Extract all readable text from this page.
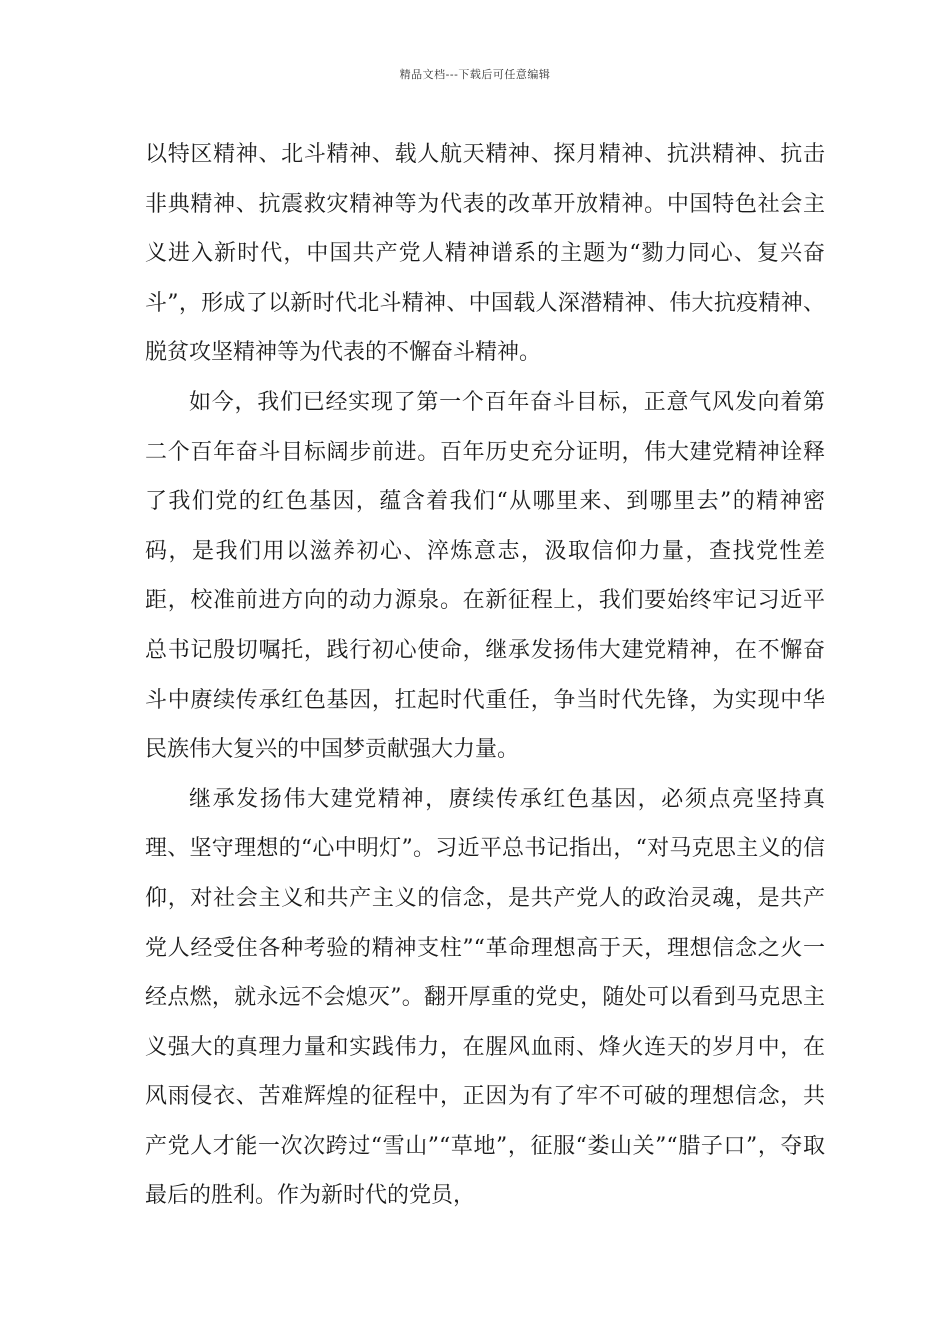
精品文档---下载后可任意编辑

以特区精神、北斗精神、载人航天精神、探月精神、抗洪精神、抗击非典精神、抗震救灾精神等为代表的改革开放精神。中国特色社会主义进入新时代，中国共产党人精神谱系的主题为“勠力同心、复兴奋斗”，形成了以新时代北斗精神、中国载人深潜精神、伟大抗疫精神、脱贫攻坚精神等为代表的不懈奋斗精神。

如今，我们已经实现了第一个百年奋斗目标，正意气风发向着第二个百年奋斗目标阔步前进。百年历史充分证明，伟大建党精神诠释了我们党的红色基因，蕴含着我们“从哪里来、到哪里去”的精神密码，是我们用以滋养初心、淬炼意志，汲取信仰力量，查找党性差距，校准前进方向的动力源泉。在新征程上，我们要始终牢记习近平总书记殷切嘱托，践行初心使命，继承发扬伟大建党精神，在不懈奋斗中赓续传承红色基因，扛起时代重任，争当时代先锋，为实现中华民族伟大复兴的中国梦贡献强大力量。

继承发扬伟大建党精神，赓续传承红色基因，必须点亮坚持真理、坚守理想的“心中明灯”。习近平总书记指出，“对马克思主义的信仰，对社会主义和共产主义的信念，是共产党人的政治灵魂，是共产党人经受住各种考验的精神支柱”“革命理想高于天，理想信念之火一经点燃，就永远不会熄灭”。翻开厚重的党史，随处可以看到马克思主义强大的真理力量和实践伟力，在腥风血雨、烽火连天的岁月中，在风雨侵衣、苦难辉煌的征程中，正因为有了牢不可破的理想信念，共产党人才能一次次跨过“雪山”“草地”，征服“娄山关”“腊子口”，夺取最后的胜利。作为新时代的党员，
